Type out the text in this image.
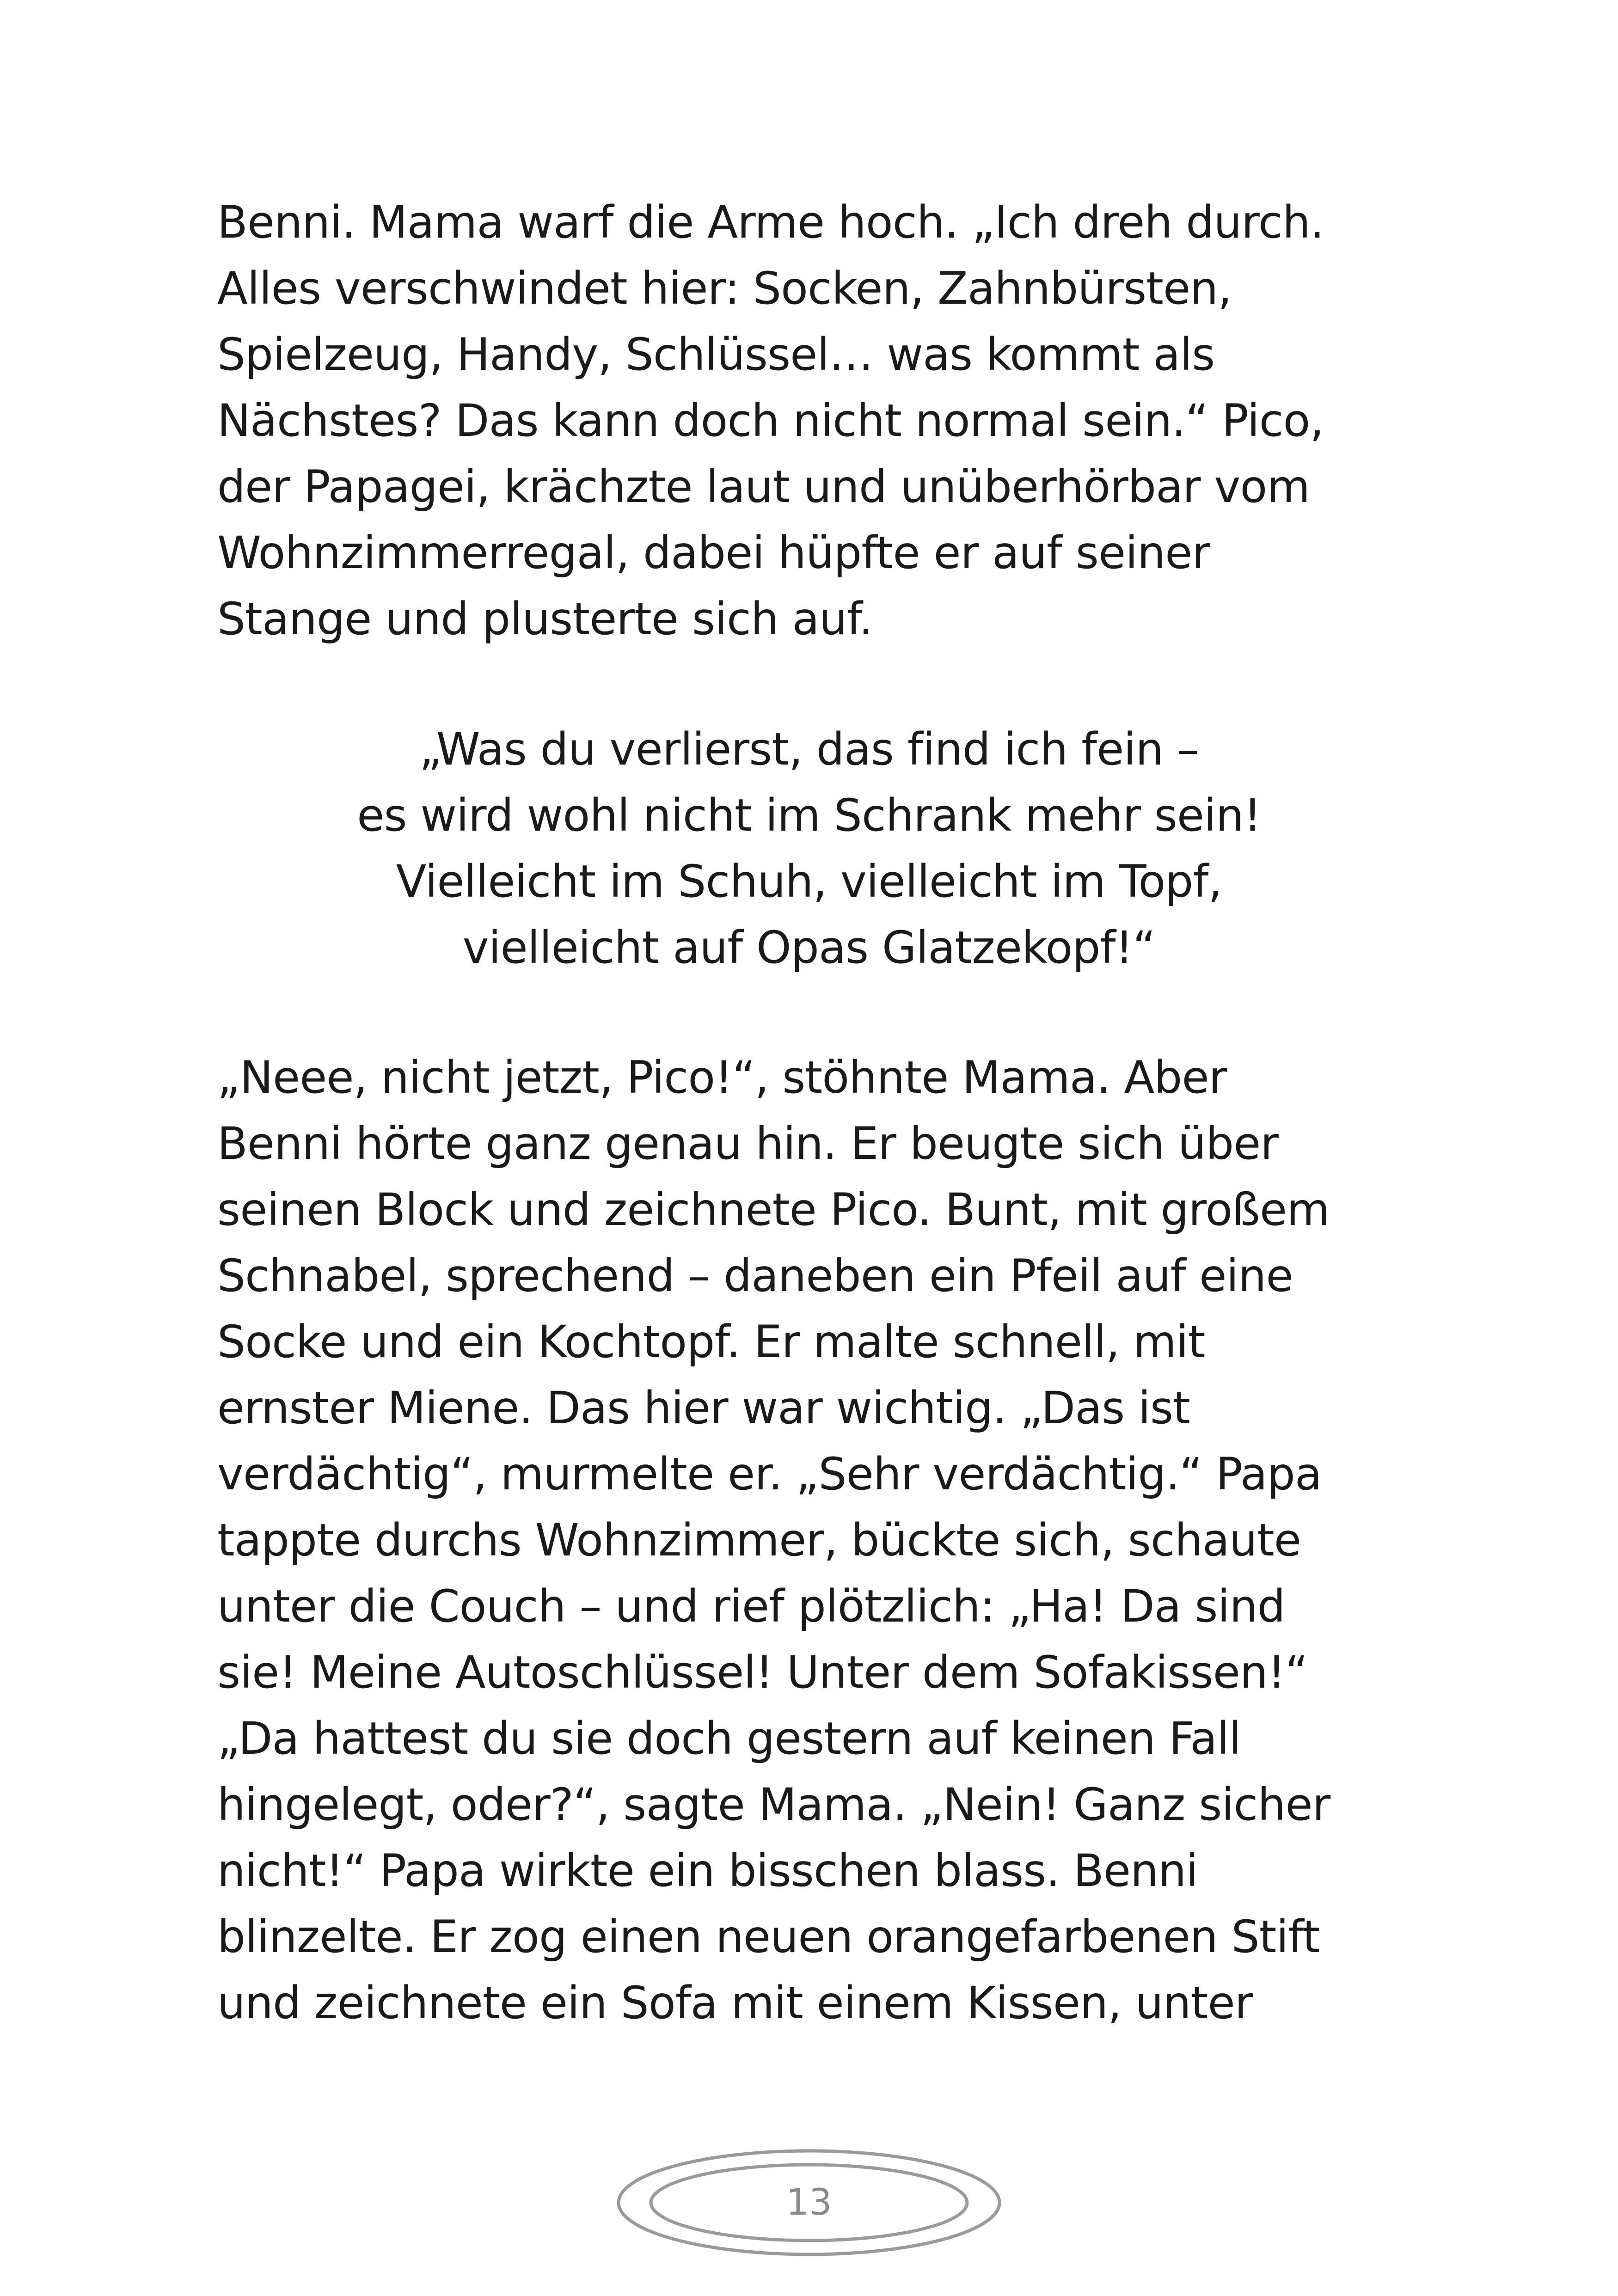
Benni. Mama warf die Arme hoch. „Ich dreh durch.
Alles verschwindet hier: Socken, Zahnbürsten,
Spielzeug, Handy, Schlüssel… was kommt als
Nächstes? Das kann doch nicht normal sein.“ Pico,
der Papagei, krächzte laut und unüberhörbar vom
Wohnzimmerregal, dabei hüpfte er auf seiner
Stange und plusterte sich auf.
„Was du verlierst, das find ich fein –
es wird wohl nicht im Schrank mehr sein!
Vielleicht im Schuh, vielleicht im Topf,
vielleicht auf Opas Glatzekopf!“
„Neee, nicht jetzt, Pico!“, stöhnte Mama. Aber
Benni hörte ganz genau hin. Er beugte sich über
seinen Block und zeichnete Pico. Bunt, mit großem
Schnabel, sprechend – daneben ein Pfeil auf eine
Socke und ein Kochtopf. Er malte schnell, mit
ernster Miene. Das hier war wichtig. „Das ist
verdächtig“, murmelte er. „Sehr verdächtig.“ Papa
tappte durchs Wohnzimmer, bückte sich, schaute
unter die Couch – und rief plötzlich: „Ha! Da sind
sie! Meine Autoschlüssel! Unter dem Sofakissen!“
„Da hattest du sie doch gestern auf keinen Fall
hingelegt, oder?“, sagte Mama. „Nein! Ganz sicher
nicht!“ Papa wirkte ein bisschen blass. Benni
blinzelte. Er zog einen neuen orangefarbenen Stift
und zeichnete ein Sofa mit einem Kissen, unter
13
